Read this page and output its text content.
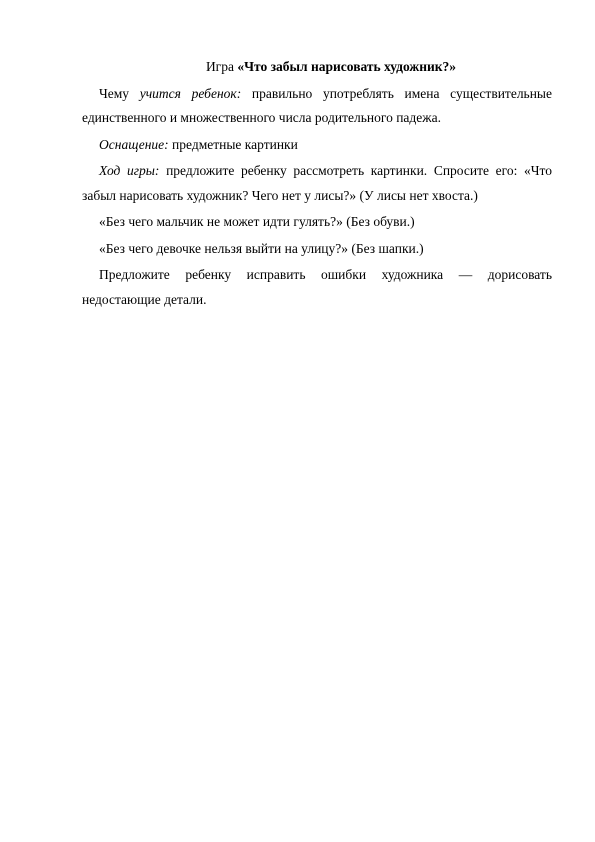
Игра «Что забыл нарисовать художник?»

Чему учится ребенок: правильно употреблять имена существительные единственного и множественного числа родительного падежа.

Оснащение: предметные картинки

Ход игры: предложите ребенку рассмотреть картинки. Спросите его: «Что забыл нарисовать художник? Чего нет у лисы?» (У лисы нет хвоста.)

«Без чего мальчик не может идти гулять?» (Без обуви.)

«Без чего девочке нельзя выйти на улицу?» (Без шапки.)

Предложите ребенку исправить ошибки художника — дорисовать недостающие детали.
